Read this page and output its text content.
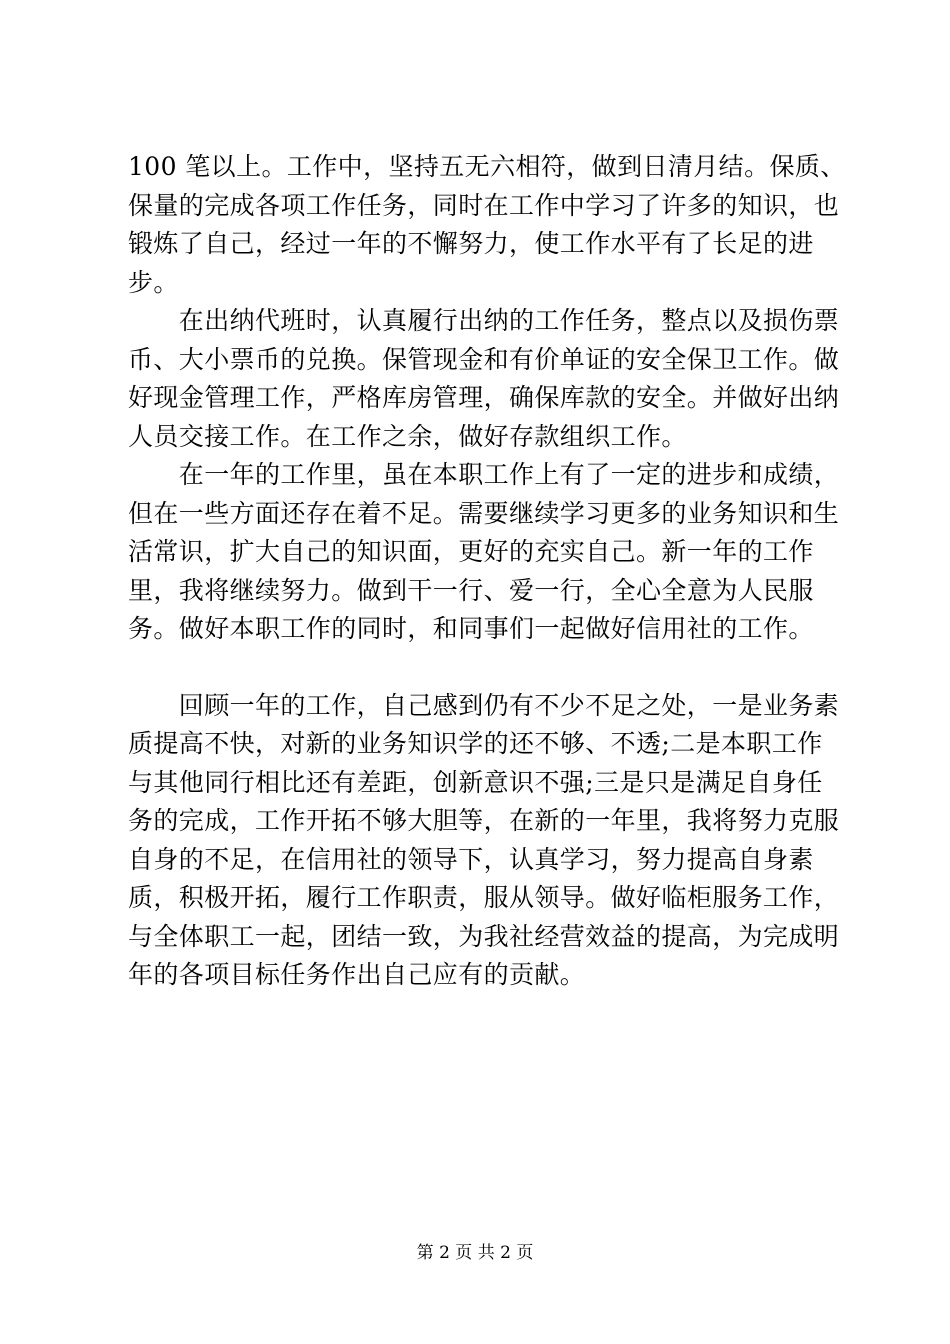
100 笔以上。工作中，坚持五无六相符，做到日清月结。保质、保量的完成各项工作任务，同时在工作中学习了许多的知识，也锻炼了自己，经过一年的不懈努力，使工作水平有了长足的进步。

　　在出纳代班时，认真履行出纳的工作任务，整点以及损伤票币、大小票币的兑换。保管现金和有价单证的安全保卫工作。做好现金管理工作，严格库房管理，确保库款的安全。并做好出纳人员交接工作。在工作之余，做好存款组织工作。

　　在一年的工作里，虽在本职工作上有了一定的进步和成绩，但在一些方面还存在着不足。需要继续学习更多的业务知识和生活常识，扩大自己的知识面，更好的充实自己。新一年的工作里，我将继续努力。做到干一行、爱一行，全心全意为人民服务。做好本职工作的同时，和同事们一起做好信用社的工作。

　　回顾一年的工作，自己感到仍有不少不足之处，一是业务素质提高不快，对新的业务知识学的还不够、不透;二是本职工作与其他同行相比还有差距，创新意识不强;三是只是满足自身任务的完成，工作开拓不够大胆等，在新的一年里，我将努力克服自身的不足，在信用社的领导下，认真学习，努力提高自身素质，积极开拓，履行工作职责，服从领导。做好临柜服务工作，与全体职工一起，团结一致，为我社经营效益的提高，为完成明年的各项目标任务作出自己应有的贡献。

第 2 页 共 2 页
